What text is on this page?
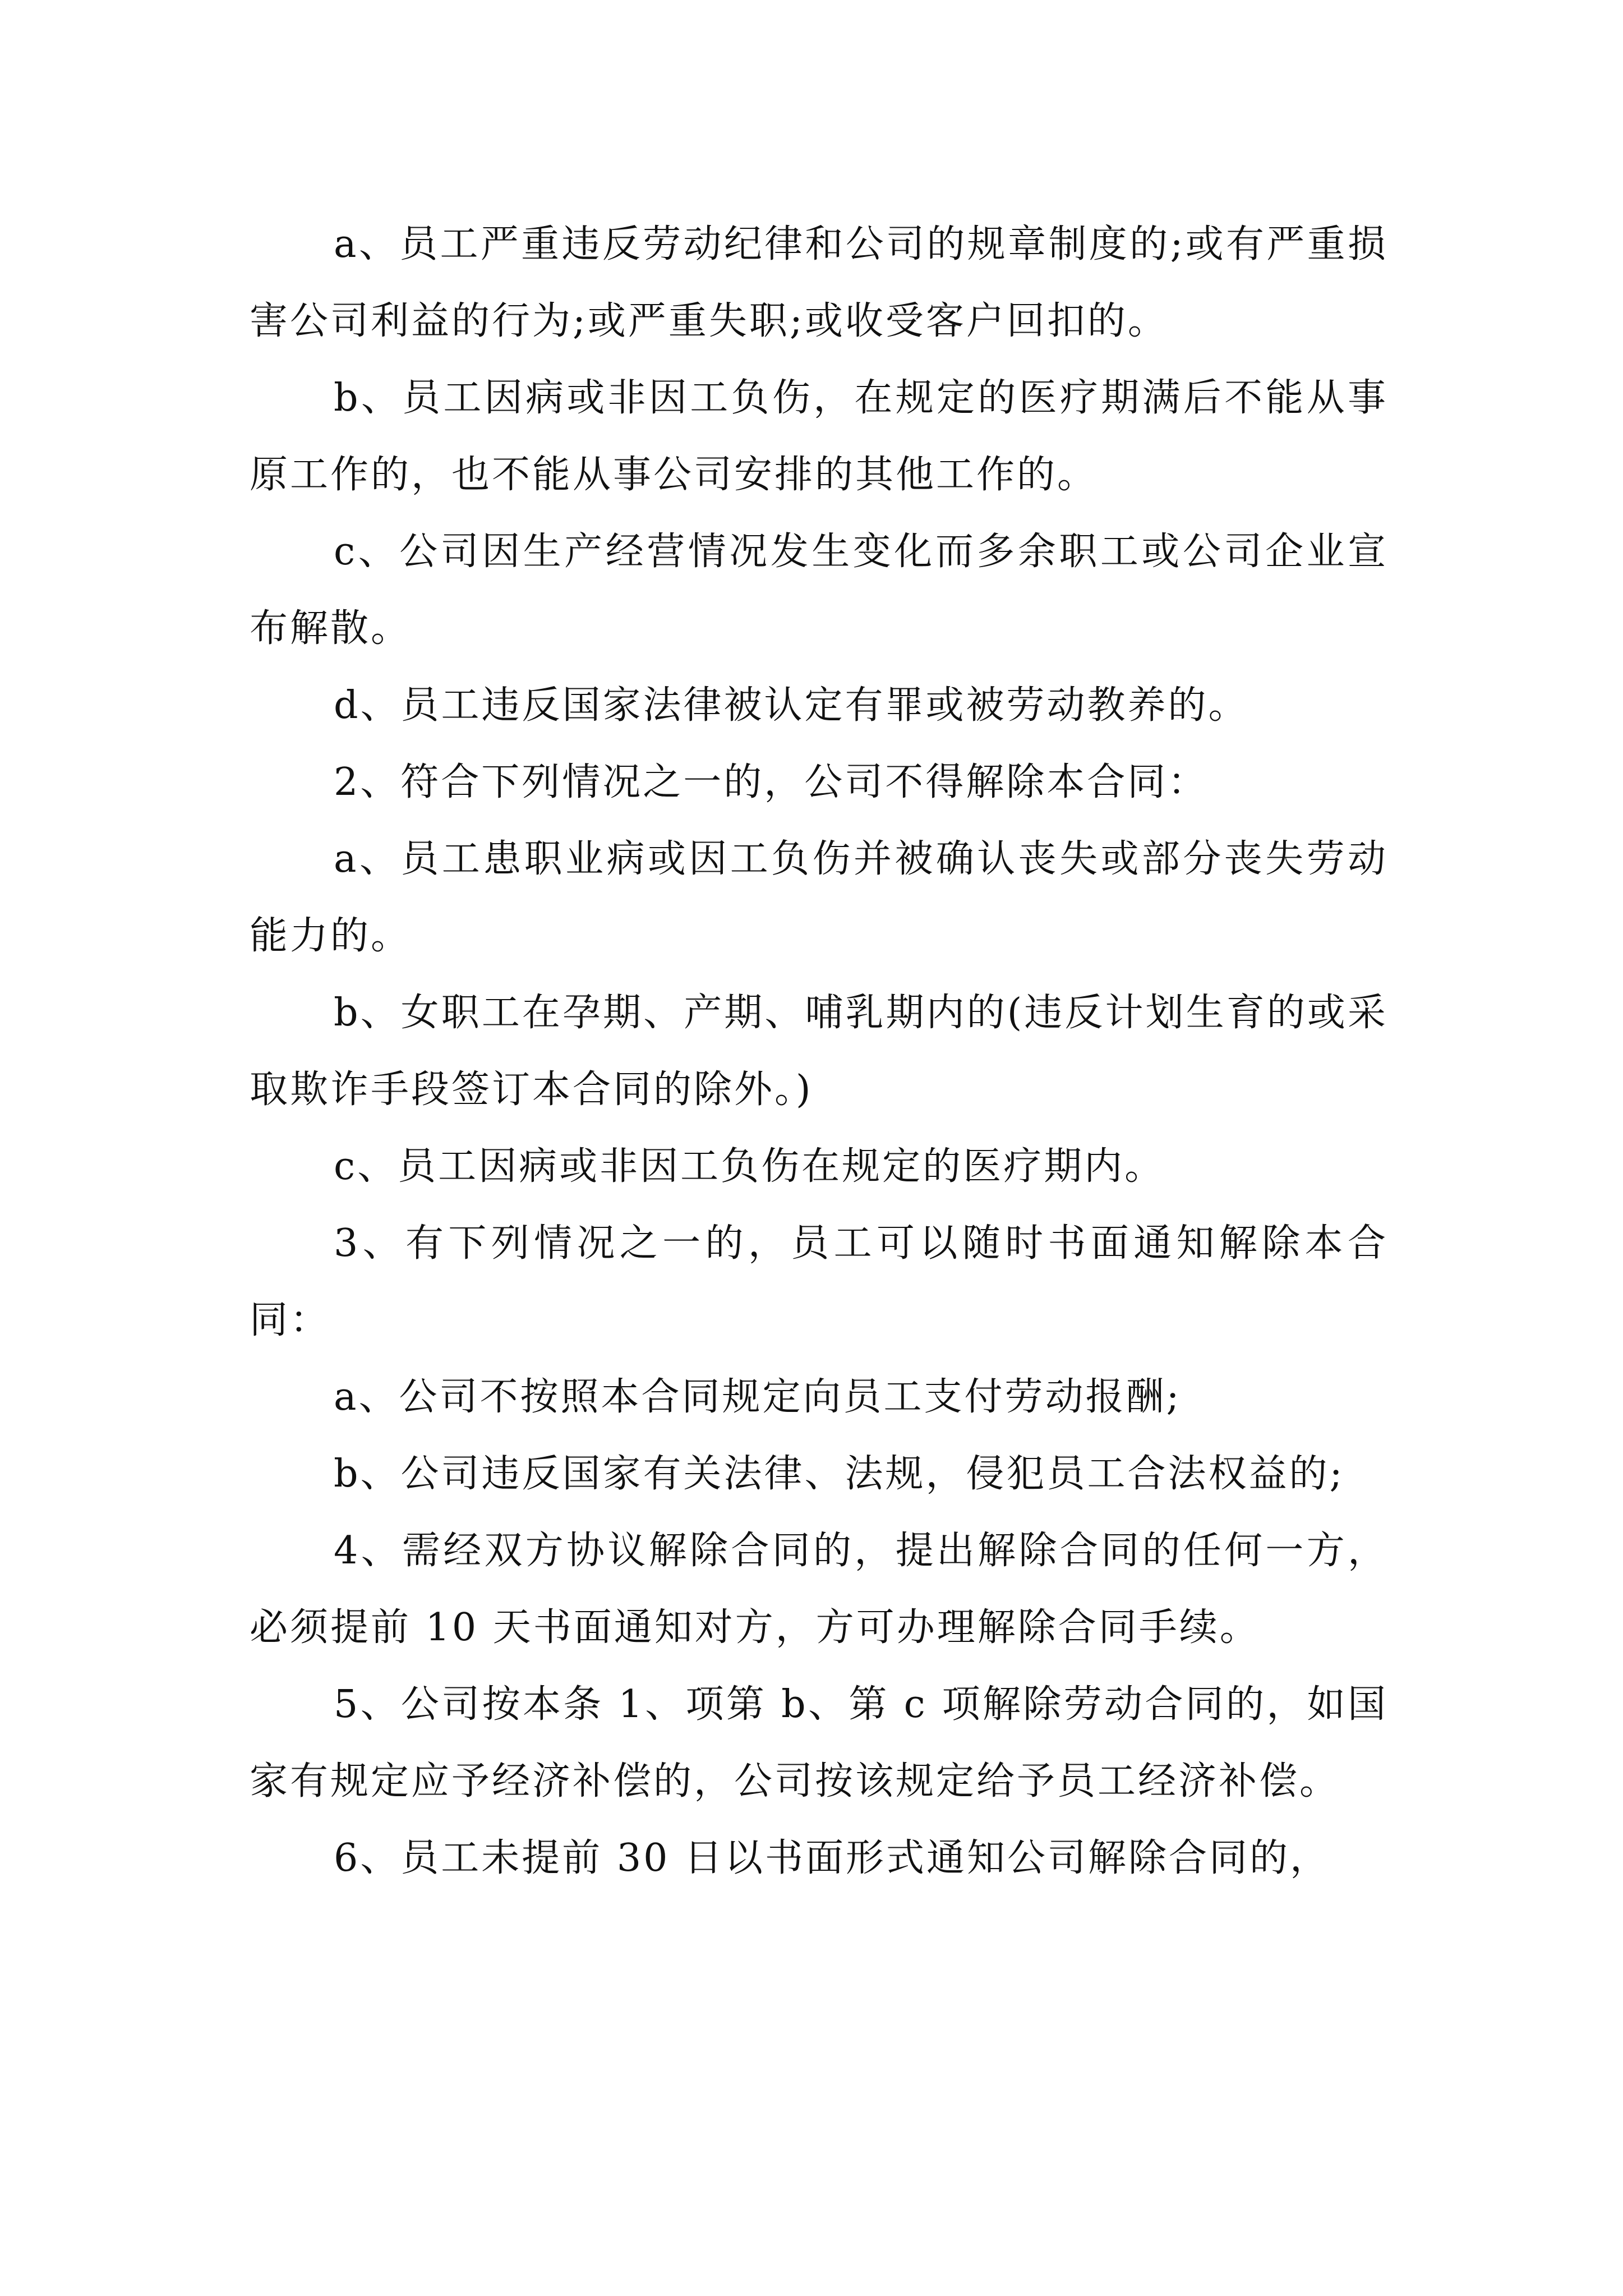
a、员工严重违反劳动纪律和公司的规章制度的;或有严重损害公司利益的行为;或严重失职;或收受客户回扣的。

b、员工因病或非因工负伤，在规定的医疗期满后不能从事原工作的，也不能从事公司安排的其他工作的。

c、公司因生产经营情况发生变化而多余职工或公司企业宣布解散。

d、员工违反国家法律被认定有罪或被劳动教养的。

2、符合下列情况之一的，公司不得解除本合同：

a、员工患职业病或因工负伤并被确认丧失或部分丧失劳动能力的。

b、女职工在孕期、产期、哺乳期内的(违反计划生育的或采取欺诈手段签订本合同的除外。)

c、员工因病或非因工负伤在规定的医疗期内。

3、有下列情况之一的，员工可以随时书面通知解除本合同：

a、公司不按照本合同规定向员工支付劳动报酬;

b、公司违反国家有关法律、法规，侵犯员工合法权益的;

4、需经双方协议解除合同的，提出解除合同的任何一方，必须提前 10 天书面通知对方，方可办理解除合同手续。

5、公司按本条 1、项第 b、第 c 项解除劳动合同的，如国家有规定应予经济补偿的，公司按该规定给予员工经济补偿。

6、员工未提前 30 日以书面形式通知公司解除合同的，
